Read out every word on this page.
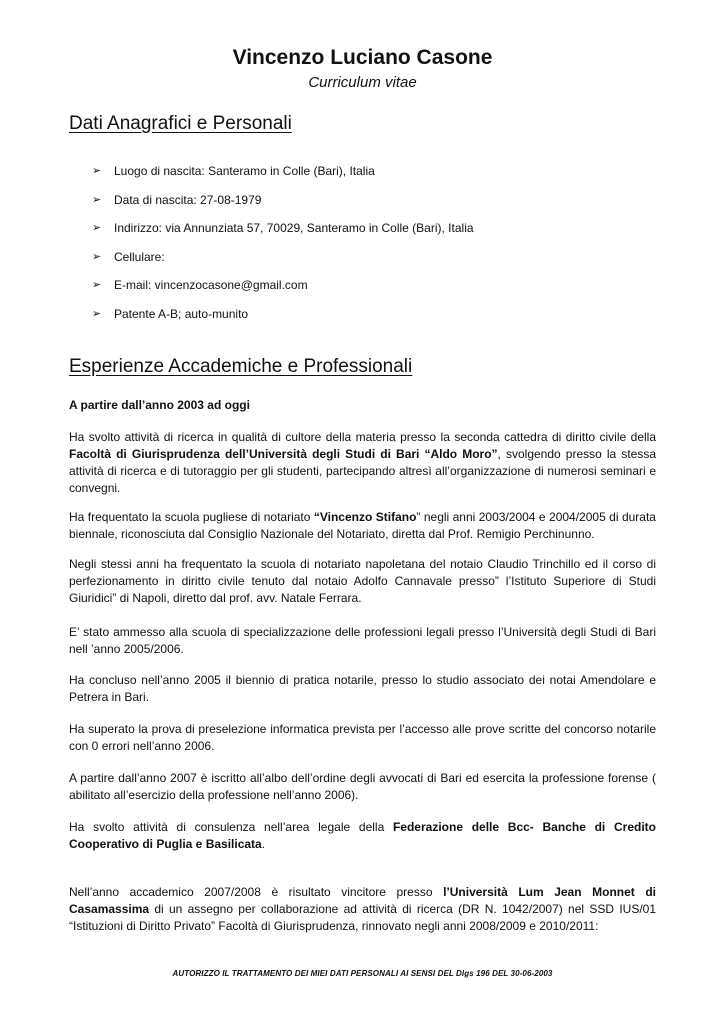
Vincenzo Luciano Casone
Curriculum vitae
Dati Anagrafici e Personali
➢	Luogo di nascita: Santeramo in Colle (Bari), Italia
➢	Data di nascita: 27-08-1979
➢	Indirizzo: via Annunziata 57, 70029, Santeramo in Colle (Bari), Italia
➢	Cellulare:
➢	E-mail: vincenzocasone@gmail.com
➢	Patente A-B; auto-munito
Esperienze Accademiche e Professionali

A partire dall’anno 2003 ad oggi

Ha svolto attività di ricerca in qualità di cultore della materia presso la seconda cattedra di diritto civile della Facoltà di Giurisprudenza dell’Università degli Studi di Bari “Aldo Moro”, svolgendo presso la stessa attività di ricerca e di tutoraggio per gli studenti, partecipando altresì all’organizzazione di numerosi seminari e convegni.

Ha frequentato la scuola pugliese di notariato “Vincenzo Stifano” negli anni 2003/2004 e 2004/2005 di durata biennale, riconosciuta dal Consiglio Nazionale del Notariato, diretta dal Prof. Remigio Perchinunno.

Negli stessi anni ha frequentato la scuola di notariato napoletana del notaio Claudio Trinchillo ed il corso di perfezionamento in diritto civile tenuto dal notaio Adolfo Cannavale presso” l’Istituto Superiore di Studi Giuridici” di Napoli, diretto dal prof. avv. Natale Ferrara.

E’ stato ammesso alla scuola di specializzazione delle professioni legali presso l’Università degli Studi di Bari nell ’anno 2005/2006.

Ha concluso nell’anno 2005 il biennio di pratica notarile, presso lo studio associato dei notai Amendolare e Petrera in Bari.

Ha superato la prova di preselezione informatica prevista per l’accesso alle prove scritte del concorso notarile con 0 errori nell’anno 2006.

A partire dall’anno 2007 è iscritto all’albo dell’ordine degli avvocati di Bari ed esercita la professione forense ( abilitato all’esercizio della professione nell’anno 2006).

Ha svolto attività di consulenza nell’area legale della Federazione delle Bcc- Banche di Credito Cooperativo di Puglia e Basilicata.

Nell’anno accademico 2007/2008 è risultato vincitore presso l’Università Lum Jean Monnet di Casamassima di un assegno per collaborazione ad attività di ricerca (DR N. 1042/2007) nel SSD IUS/01 “Istituzioni di Diritto Privato” Facoltà di Giurisprudenza, rinnovato negli anni 2008/2009 e 2010/2011:

AUTORIZZO IL TRATTAMENTO DEI MIEI DATI PERSONALI AI SENSI DEL Dlgs 196 DEL 30-06-2003
